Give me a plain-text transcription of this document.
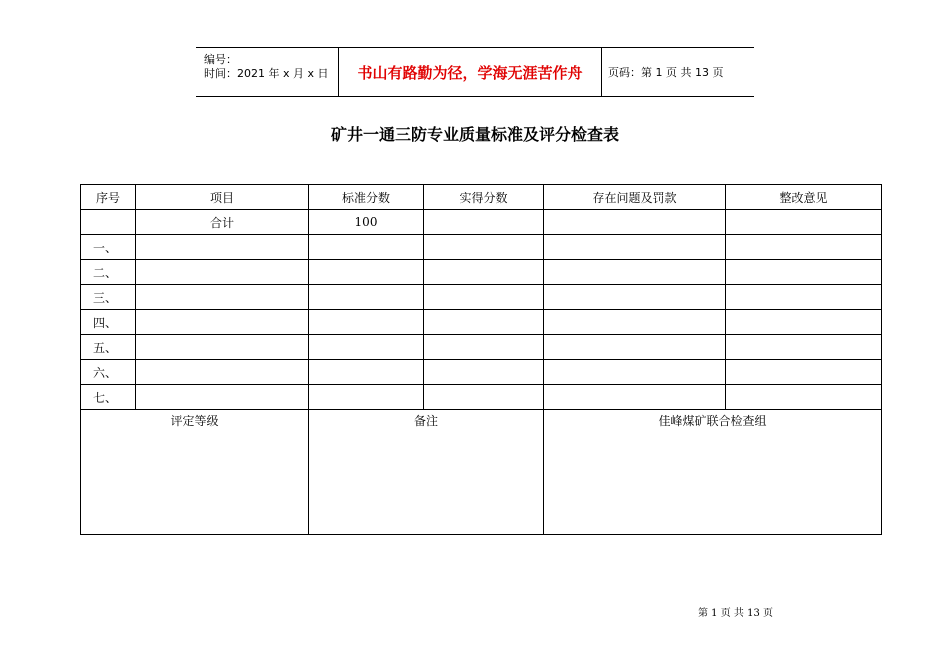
编号：
时间：2021 年 x 月 x 日	书山有路勤为径，学海无涯苦作舟	页码：第 1 页 共 13 页
矿井一通三防专业质量标准及评分检查表
序号	项目	标准分数	实得分数	存在问题及罚款	整改意见
	合计	100			
一、					
二、					
三、					
四、					
五、					
六、					
七、					
评定等级		备注		佳峰煤矿联合检查组	
第 1 页 共 13 页
